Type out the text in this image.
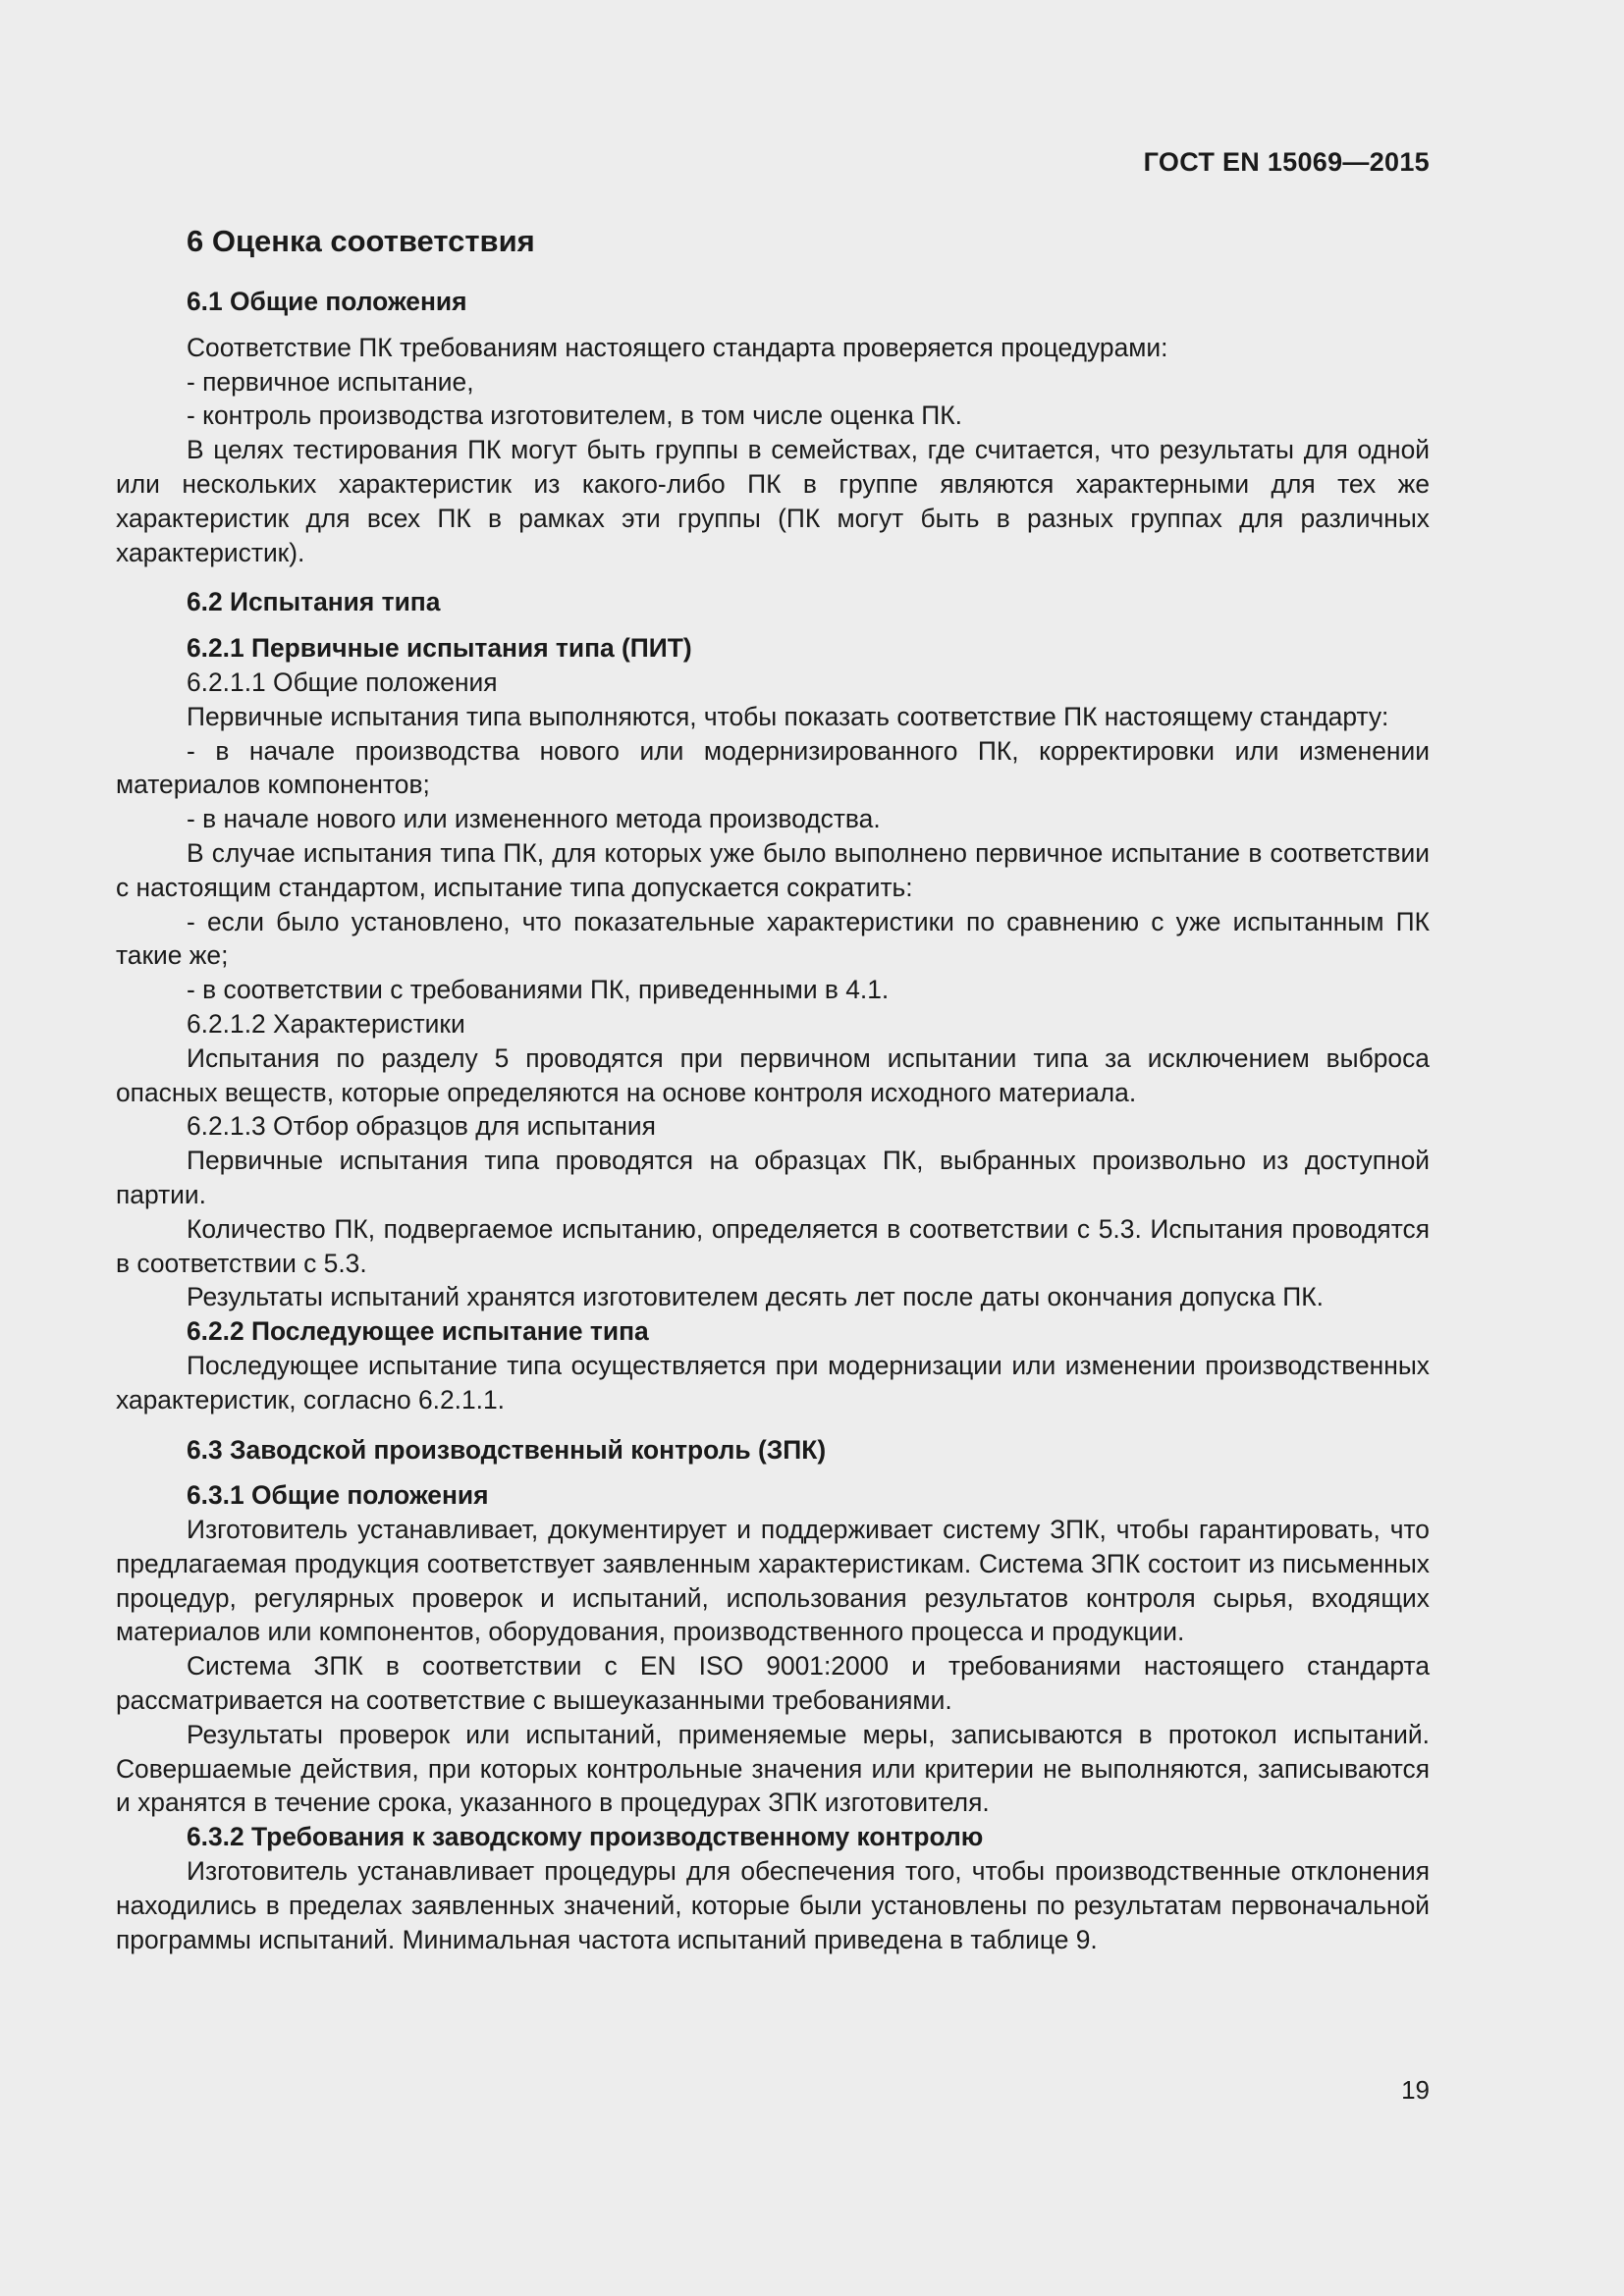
ГОСТ EN 15069—2015
6 Оценка соответствия
6.1 Общие положения

Соответствие ПК требованиям настоящего стандарта проверяется процедурами:

- первичное испытание,

- контроль производства изготовителем, в том числе оценка ПК.

В целях тестирования ПК могут быть группы в семействах, где считается, что результаты для одной или нескольких характеристик из какого-либо ПК в группе являются характерными для тех же характеристик для всех ПК в рамках эти группы (ПК могут быть в разных группах для различных характеристик).

6.2 Испытания типа
6.2.1 Первичные испытания типа (ПИТ)
6.2.1.1 Общие положения

Первичные испытания типа выполняются, чтобы показать соответствие ПК настоящему стандарту:

- в начале производства нового или модернизированного ПК, корректировки или изменении материалов компонентов;

- в начале нового или измененного метода производства.

В случае испытания типа ПК, для которых уже было выполнено первичное испытание в соответствии с настоящим стандартом, испытание типа допускается сократить:

- если было установлено, что показательные характеристики по сравнению с уже испытанным ПК такие же;

- в соответствии с требованиями ПК, приведенными в 4.1.

6.2.1.2 Характеристики

Испытания по разделу 5 проводятся при первичном испытании типа за исключением выброса опасных веществ, которые определяются на основе контроля исходного материала.

6.2.1.3 Отбор образцов для испытания

Первичные испытания типа проводятся на образцах ПК, выбранных произвольно из доступной партии.

Количество ПК, подвергаемое испытанию, определяется в соответствии с 5.3. Испытания проводятся в соответствии с 5.3.

Результаты испытаний хранятся изготовителем десять лет после даты окончания допуска ПК.

6.2.2 Последующее испытание типа

Последующее испытание типа осуществляется при модернизации или изменении производственных характеристик, согласно 6.2.1.1.

6.3 Заводской производственный контроль (ЗПК)
6.3.1 Общие положения

Изготовитель устанавливает, документирует и поддерживает систему ЗПК, чтобы гарантировать, что предлагаемая продукция соответствует заявленным характеристикам. Система ЗПК состоит из письменных процедур, регулярных проверок и испытаний, использования результатов контроля сырья, входящих материалов или компонентов, оборудования, производственного процесса и продукции.

Система ЗПК в соответствии с EN ISO 9001:2000 и требованиями настоящего стандарта рассматривается на соответствие с вышеуказанными требованиями.

Результаты проверок или испытаний, применяемые меры, записываются в протокол испытаний. Совершаемые действия, при которых контрольные значения или критерии не выполняются, записываются и хранятся в течение срока, указанного в процедурах ЗПК изготовителя.

6.3.2 Требования к заводскому производственному контролю

Изготовитель устанавливает процедуры для обеспечения того, чтобы производственные отклонения находились в пределах заявленных значений, которые были установлены по результатам первоначальной программы испытаний. Минимальная частота испытаний приведена в таблице 9.

19
